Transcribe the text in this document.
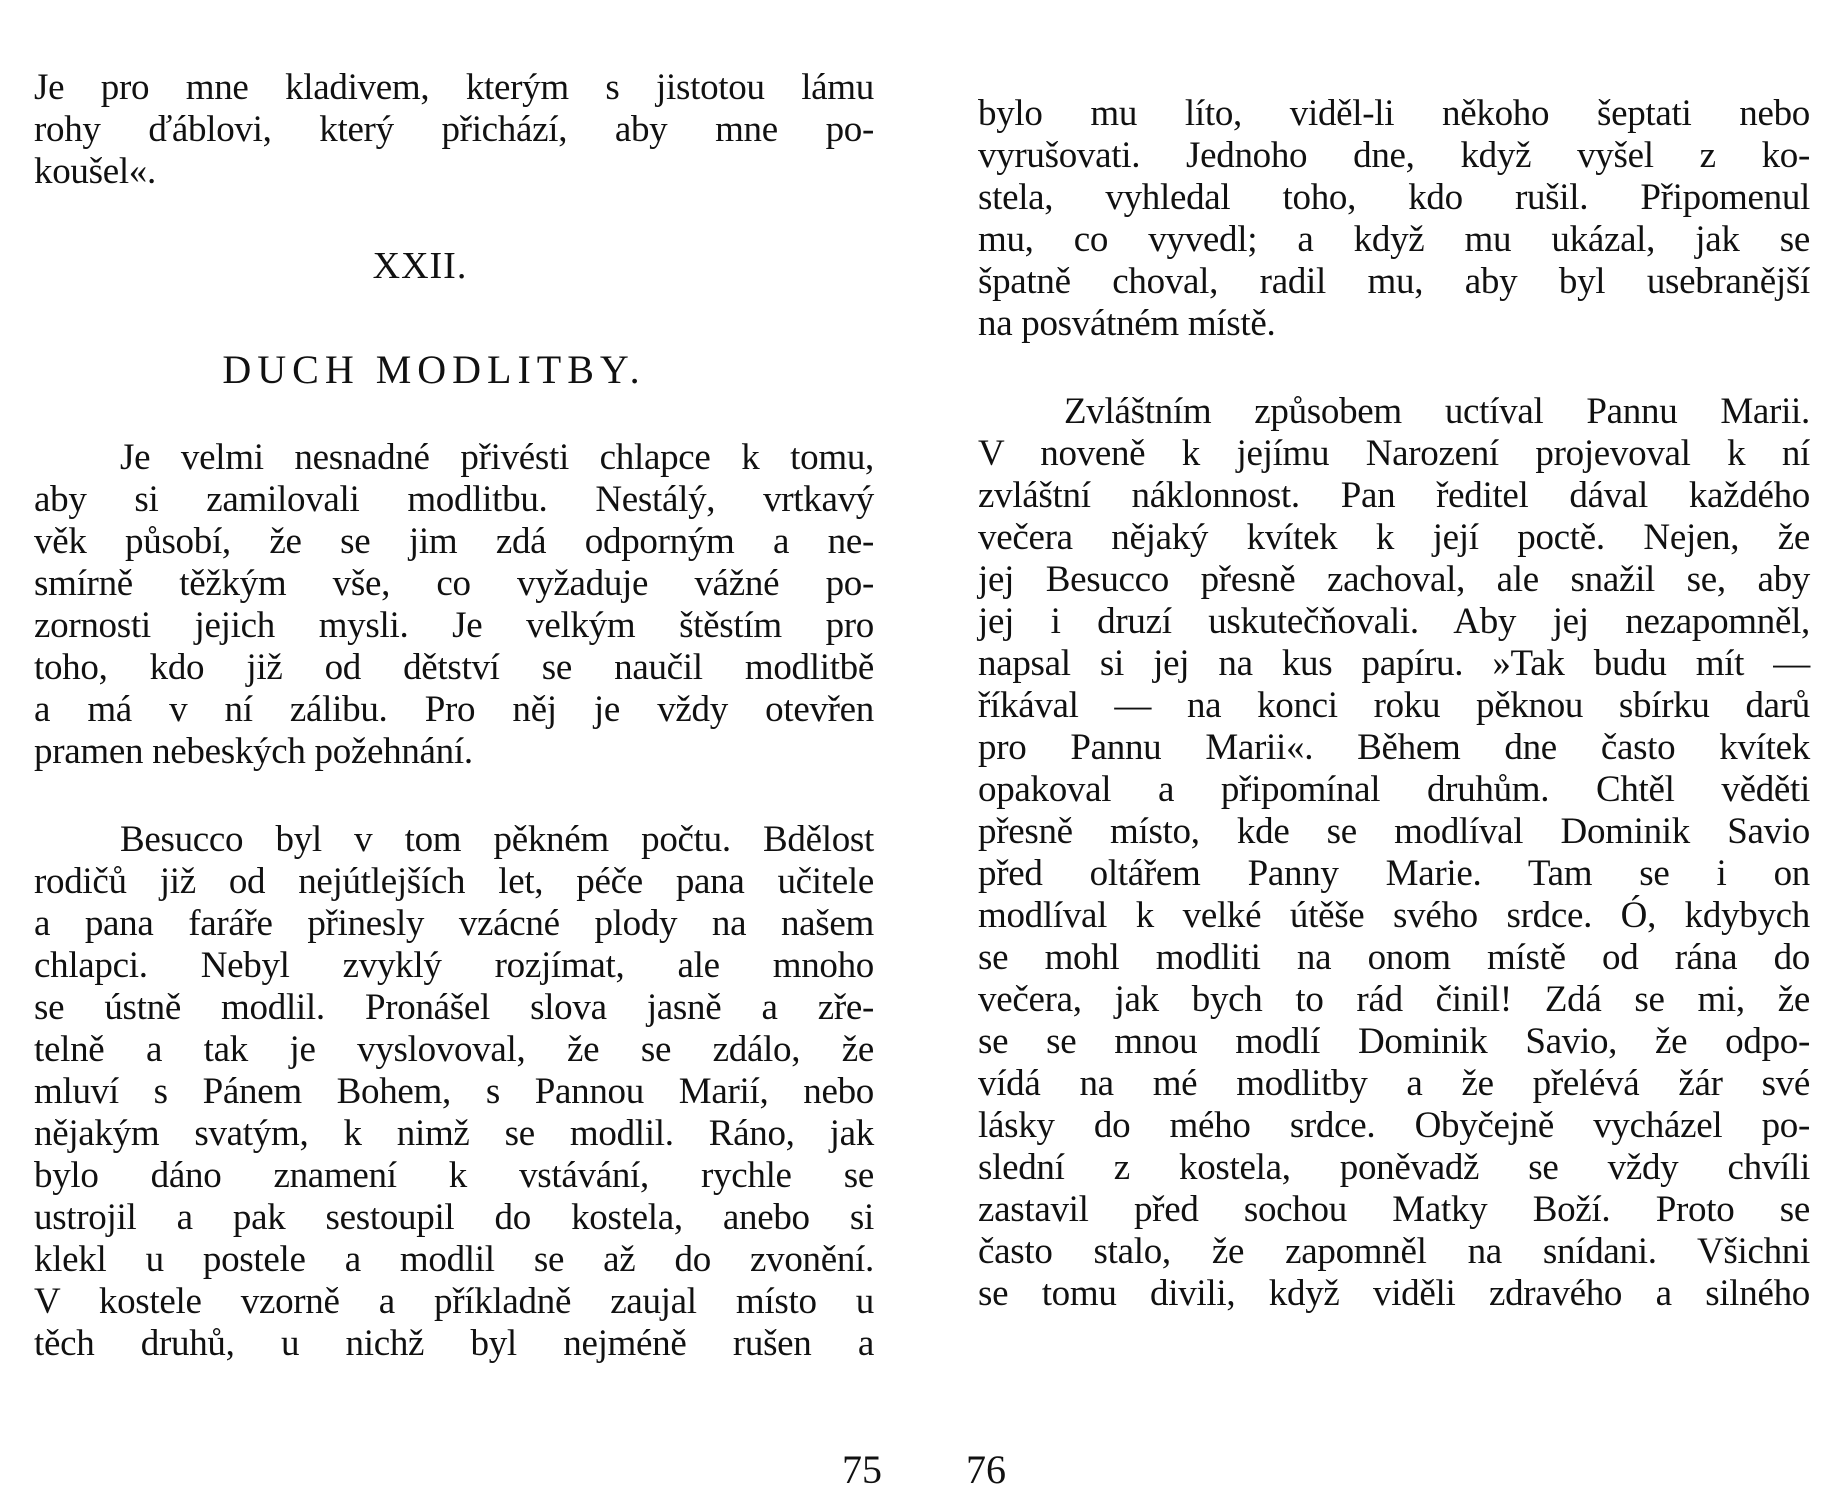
Je pro mne kladivem, kterým s jistotou lámu
rohy ďáblovi, který přichází, aby mne po-
koušel«.
XXII.
DUCH MODLITBY.
Je velmi nesnadné přivésti chlapce k tomu,
aby si zamilovali modlitbu. Nestálý, vrtkavý
věk působí, že se jim zdá odporným a ne-
smírně těžkým vše, co vyžaduje vážné po-
zornosti jejich mysli. Je velkým štěstím pro
toho, kdo již od dětství se naučil modlitbě
a má v ní zálibu. Pro něj je vždy otevřen
pramen nebeských požehnání.
Besucco byl v tom pěkném počtu. Bdělost
rodičů již od nejútlejších let, péče pana učitele
a pana faráře přinesly vzácné plody na našem
chlapci. Nebyl zvyklý rozjímat, ale mnoho
se ústně modlil. Pronášel slova jasně a zře-
telně a tak je vyslovoval, že se zdálo, že
mluví s Pánem Bohem, s Pannou Marií, nebo
nějakým svatým, k nimž se modlil. Ráno, jak
bylo dáno znamení k vstávání, rychle se
ustrojil a pak sestoupil do kostela, anebo si
klekl u postele a modlil se až do zvonění.
V kostele vzorně a příkladně zaujal místo u
těch druhů, u nichž byl nejméně rušen a
75
bylo mu líto, viděl-li někoho šeptati nebo
vyrušovati. Jednoho dne, když vyšel z ko-
stela, vyhledal toho, kdo rušil. Připomenul
mu, co vyvedl; a když mu ukázal, jak se
špatně choval, radil mu, aby byl usebranější
na posvátném místě.
Zvláštním způsobem uctíval Pannu Marii.
V noveně k jejímu Narození projevoval k ní
zvláštní náklonnost. Pan ředitel dával každého
večera nějaký kvítek k její poctě. Nejen, že
jej Besucco přesně zachoval, ale snažil se, aby
jej i druzí uskutečňovali. Aby jej nezapomněl,
napsal si jej na kus papíru. »Tak budu mít —
říkával — na konci roku pěknou sbírku darů
pro Pannu Marii«. Během dne často kvítek
opakoval a připomínal druhům. Chtěl věděti
přesně místo, kde se modlíval Dominik Savio
před oltářem Panny Marie. Tam se i on
modlíval k velké útěše svého srdce. Ó, kdybych
se mohl modliti na onom místě od rána do
večera, jak bych to rád činil! Zdá se mi, že
se se mnou modlí Dominik Savio, že odpo-
vídá na mé modlitby a že přelévá žár své
lásky do mého srdce. Obyčejně vycházel po-
slední z kostela, poněvadž se vždy chvíli
zastavil před sochou Matky Boží. Proto se
často stalo, že zapomněl na snídani. Všichni
se tomu divili, když viděli zdravého a silného
76
